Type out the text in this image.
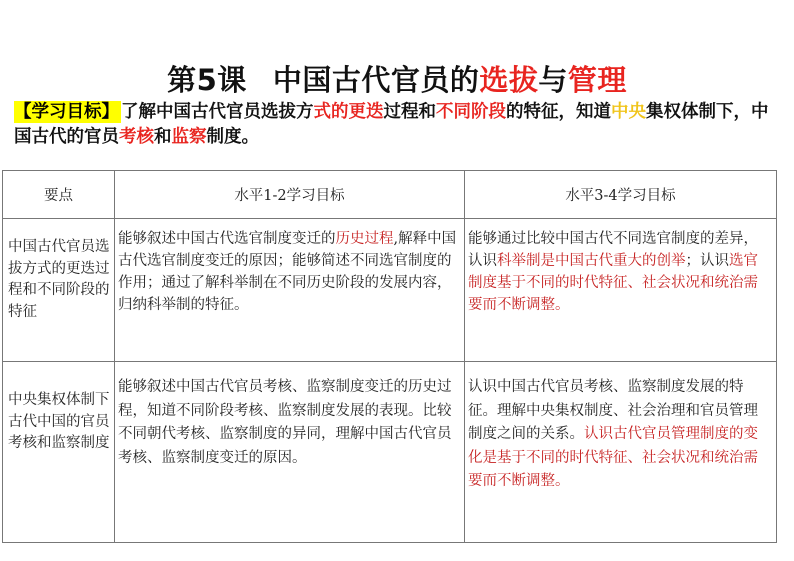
第5课 中国古代官员的选拔与管理
【学习目标】 了解中国古代官员选拔方式的更迭过程和不同阶段的特征，知道中央集权体制下，中国古代的官员考核和监察制度。
要点	水平1-2学习目标	水平3-4学习目标
中国古代官员选拔方式的更迭过程和不同阶段的特征	能够叙述中国古代选官制度变迁的历史过程,解释中国古代选官制度变迁的原因；能够简述不同选官制度的作用；通过了解科举制在不同历史阶段的发展内容，归纳科举制的特征。	能够通过比较中国古代不同选官制度的差异，认识科举制是中国古代重大的创举；认识选官制度基于不同的时代特征、社会状况和统治需要而不断调整。
中央集权体制下古代中国的官员考核和监察制度	能够叙述中国古代官员考核、监察制度变迁的历史过程，知道不同阶段考核、监察制度发展的表现。比较不同朝代考核、监察制度的异同，理解中国古代官员考核、监察制度变迁的原因。	认识中国古代官员考核、监察制度发展的特征。理解中央集权制度、社会治理和官员管理制度之间的关系。认识古代官员管理制度的变化是基于不同的时代特征、社会状况和统治需要而不断调整。
